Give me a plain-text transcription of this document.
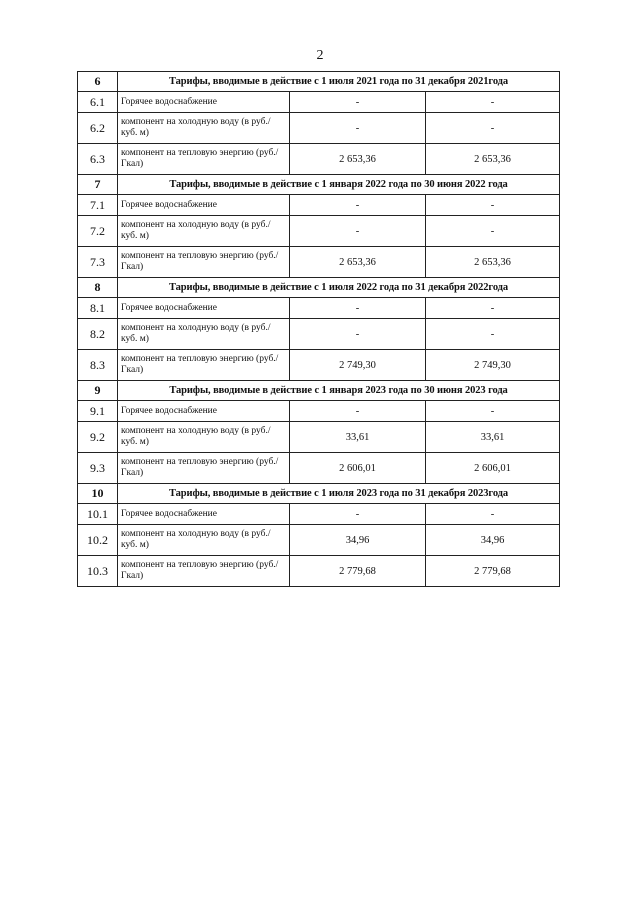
2
6	Тарифы, вводимые в действие с 1 июля 2021 года по 31 декабря 2021года		
6.1	Горячее водоснабжение	-	-
6.2	компонент на холодную воду (в руб./куб. м)	-	-
6.3	компонент на тепловую энергию (руб./Гкал)	2 653,36	2 653,36
7	Тарифы, вводимые в действие с 1 января 2022 года по 30 июня 2022 года		
7.1	Горячее водоснабжение	-	-
7.2	компонент на холодную воду (в руб./куб. м)	-	-
7.3	компонент на тепловую энергию (руб./Гкал)	2 653,36	2 653,36
8	Тарифы, вводимые в действие с 1 июля 2022 года по 31 декабря 2022года		
8.1	Горячее водоснабжение	-	-
8.2	компонент на холодную воду (в руб./куб. м)	-	-
8.3	компонент на тепловую энергию (руб./Гкал)	2 749,30	2 749,30
9	Тарифы, вводимые в действие с 1 января 2023 года по 30 июня 2023 года		
9.1	Горячее водоснабжение	-	-
9.2	компонент на холодную воду (в руб./куб. м)	33,61	33,61
9.3	компонент на тепловую энергию (руб./Гкал)	2 606,01	2 606,01
10	Тарифы, вводимые в действие с 1 июля 2023 года по 31 декабря 2023года		
10.1	Горячее водоснабжение	-	-
10.2	компонент на холодную воду (в руб./куб. м)	34,96	34,96
10.3	компонент на тепловую энергию (руб./Гкал)	2 779,68	2 779,68
